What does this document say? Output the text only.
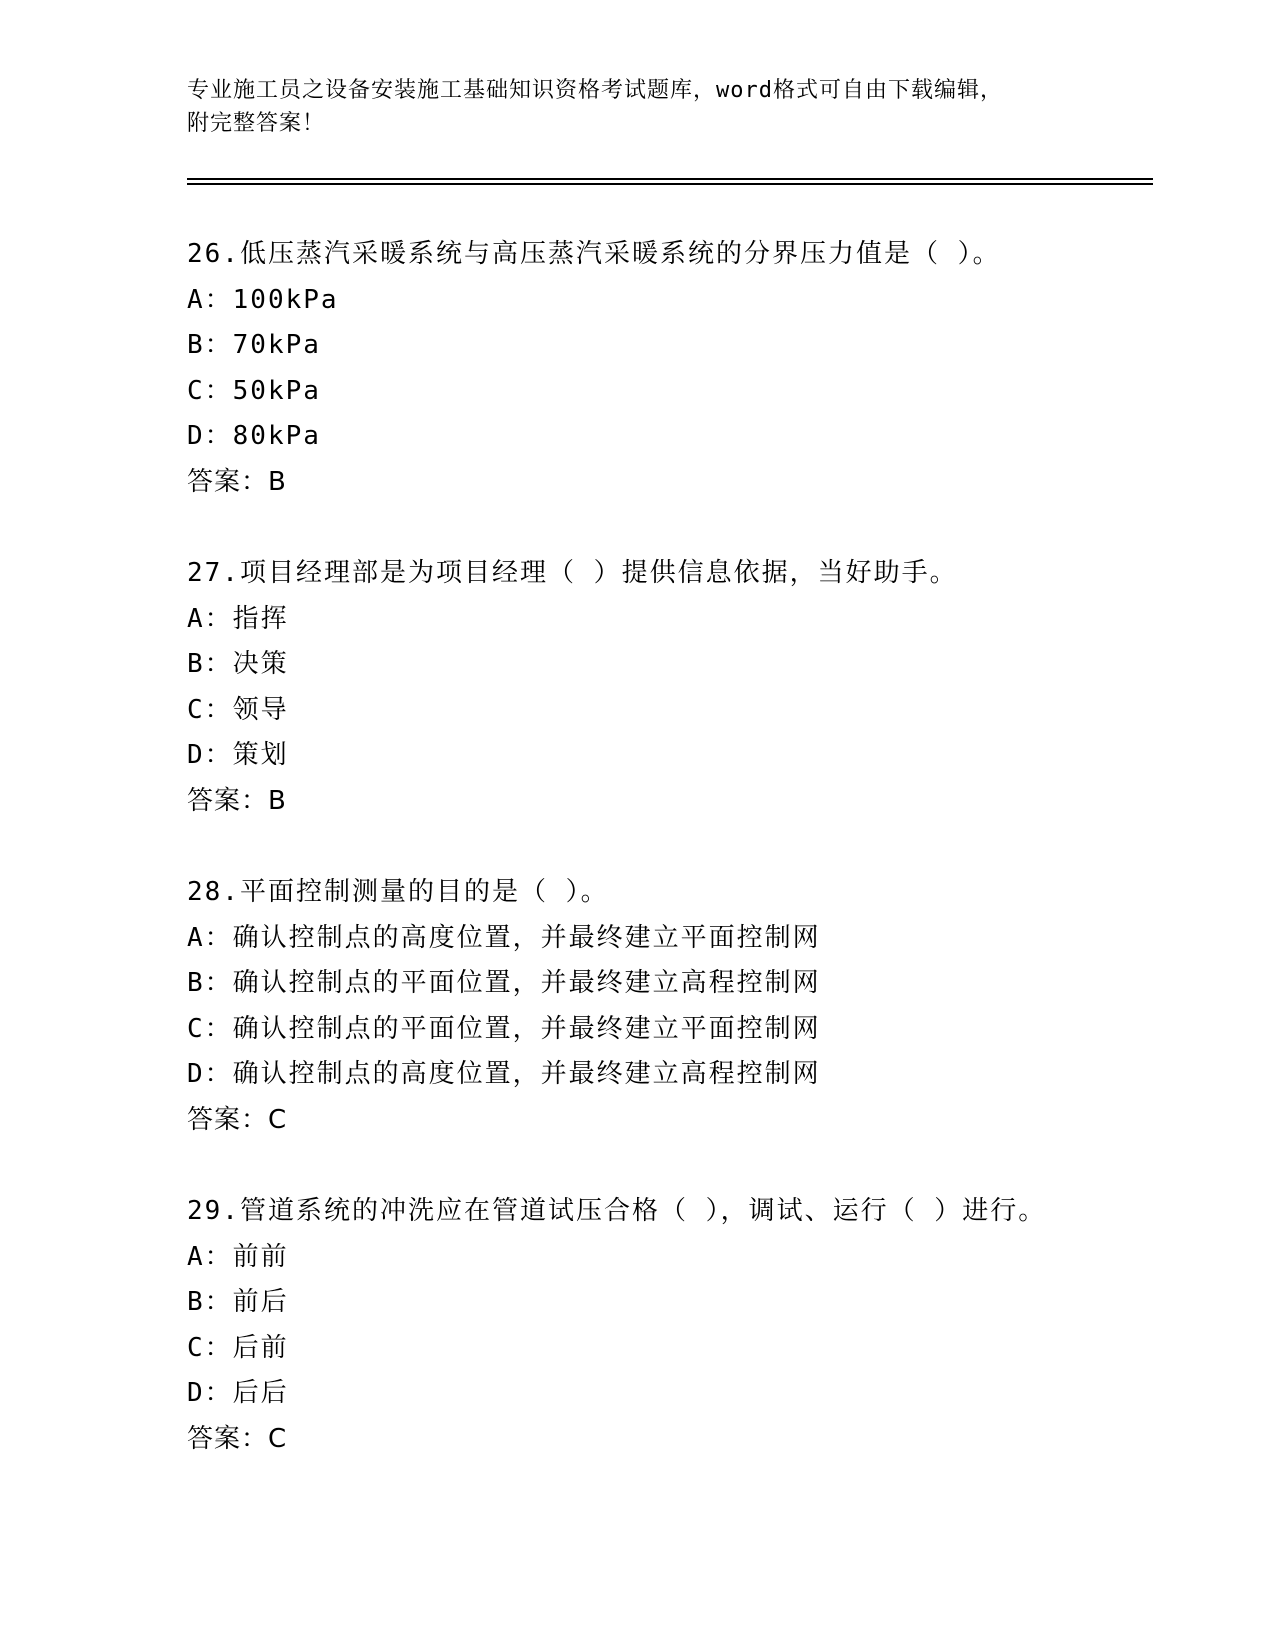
专业施工员之设备安装施工基础知识资格考试题库，word格式可自由下载编辑，
附完整答案！
26.低压蒸汽采暖系统与高压蒸汽采暖系统的分界压力值是（ ）。
A：100kPa
B：70kPa
C：50kPa
D：80kPa
答案：B
27.项目经理部是为项目经理（ ）提供信息依据，当好助手。
A：指挥
B：决策
C：领导
D：策划
答案：B
28.平面控制测量的目的是（ ）。
A：确认控制点的高度位置，并最终建立平面控制网
B：确认控制点的平面位置，并最终建立高程控制网
C：确认控制点的平面位置，并最终建立平面控制网
D：确认控制点的高度位置，并最终建立高程控制网
答案：C
29.管道系统的冲洗应在管道试压合格（ ），调试、运行（ ）进行。
A：前前
B：前后
C：后前
D：后后
答案：C
